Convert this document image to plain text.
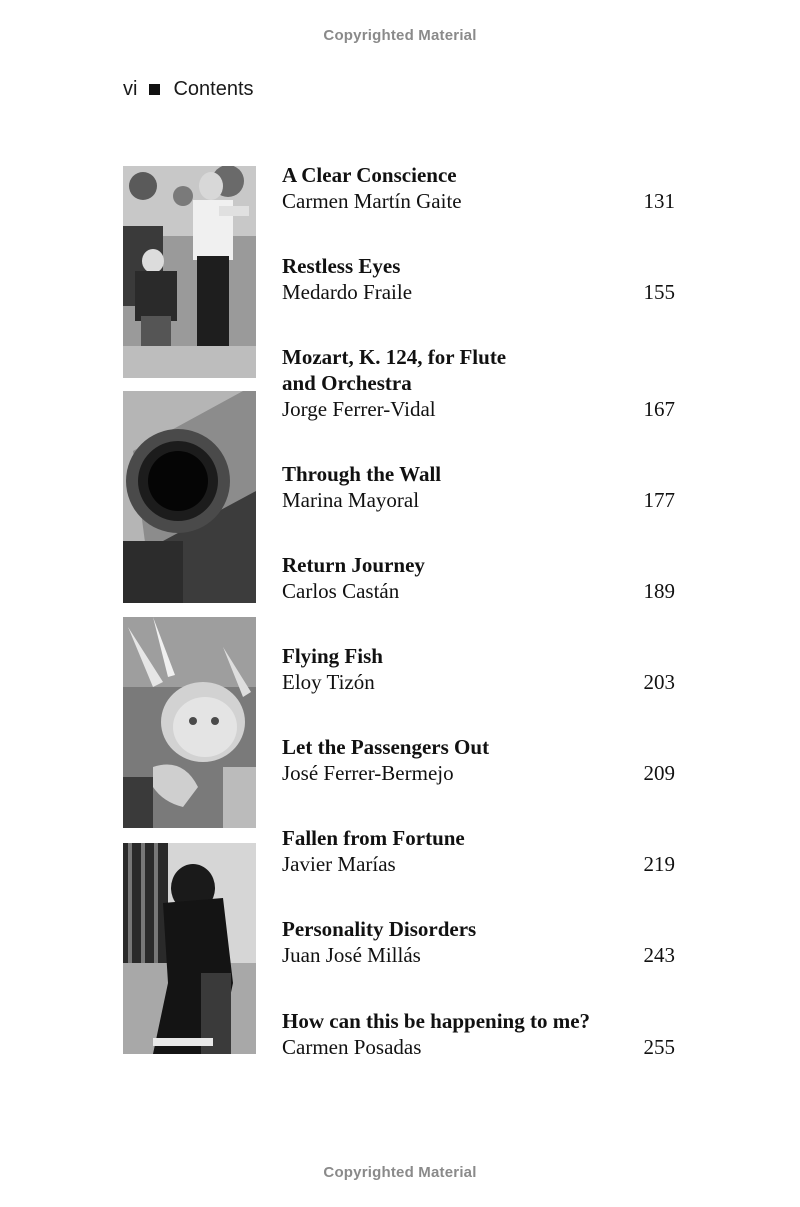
Copyrighted Material
vi Contents
A Clear Conscience
Carmen Martín Gaite	131
Restless Eyes
Medardo Fraile	155
Mozart, K. 124, for Flute
and Orchestra
Jorge Ferrer-Vidal	167
Through the Wall
Marina Mayoral	177
Return Journey
Carlos Castán	189
Flying Fish
Eloy Tizón	203
Let the Passengers Out
José Ferrer-Bermejo	209
Fallen from Fortune
Javier Marías	219
Personality Disorders
Juan José Millás	243
How can this be happening to me?
Carmen Posadas	255
Copyrighted Material
